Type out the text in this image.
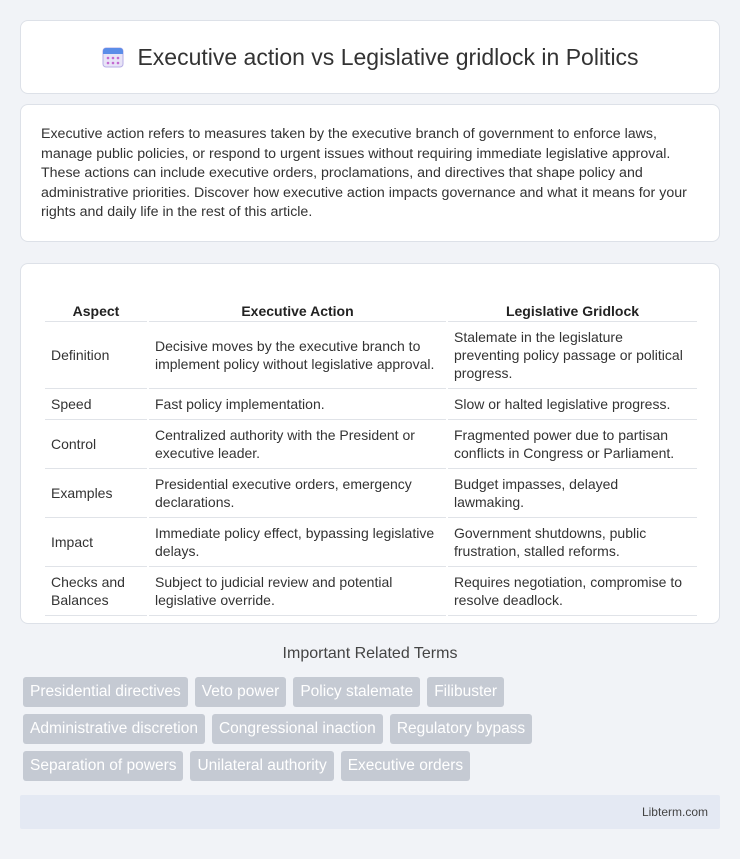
Executive action vs Legislative gridlock in Politics

Executive action refers to measures taken by the executive branch of government to enforce laws, manage public policies, or respond to urgent issues without requiring immediate legislative approval. These actions can include executive orders, proclamations, and directives that shape policy and administrative priorities. Discover how executive action impacts governance and what it means for your rights and daily life in the rest of this article.

Aspect	Executive Action	Legislative Gridlock
Definition	Decisive moves by the executive branch to implement policy without legislative approval.	Stalemate in the legislature preventing policy passage or political progress.
Speed	Fast policy implementation.	Slow or halted legislative progress.
Control	Centralized authority with the President or executive leader.	Fragmented power due to partisan conflicts in Congress or Parliament.
Examples	Presidential executive orders, emergency declarations.	Budget impasses, delayed lawmaking.
Impact	Immediate policy effect, bypassing legislative delays.	Government shutdowns, public frustration, stalled reforms.
Checks and Balances	Subject to judicial review and potential legislative override.	Requires negotiation, compromise to resolve deadlock.
Important Related Terms
Presidential directives	Veto power	Policy stalemate	Filibuster
Administrative discretion	Congressional inaction	Regulatory bypass
Separation of powers	Unilateral authority	Executive orders
Libterm.com
